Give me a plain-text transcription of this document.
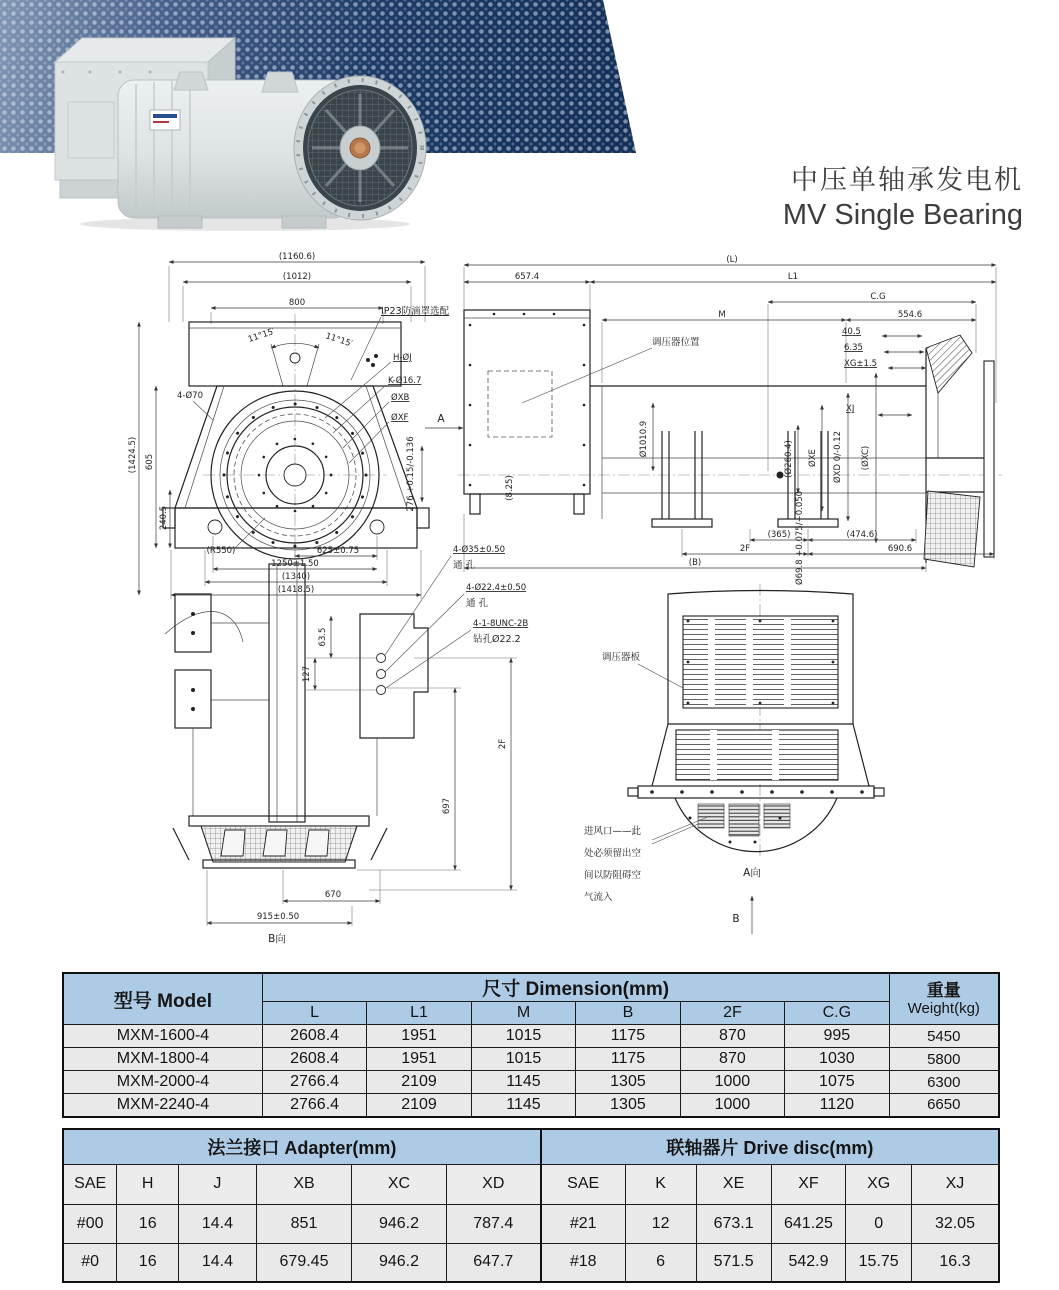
中压单轴承发电机
MV Single Bearing
(1160.6)
(1012)
800
11°15′	11°15′
625±0.75
(R550)
1250±1.50
(1340)
(1418.5)
(1424.5) 605
240.5
4-Ø70
IP23防滴罩选配
H-ØJ
K-Ø16.7
ØXB
ØXF
276 +0.15/-0.136
A
(L)
657.4	L1
C.G
M	554.6
调压器位置
40.5
6.35
XG±1.5
XJ
(Ø260.4) ØXE ØXD 0/-0.12 (ØXC)
Ø69.8 +0.075/+0.050
Ø1010.9
(8.25)
(365)	(474.6)
2F	690.6
(B)
4-Ø35±0.50
通 孔
4-Ø22.4±0.50
通 孔
4-1-8UNC-2B
钻孔Ø22.2
63.5
127
2F
697
670
915±0.50
B向
调压器板
进风口——此
处必须留出空
间以防阻碍空
气流入
A向
B
型号 Model	尺寸 Dimension(mm)						重量
Weight(kg)

	L	L1	M	B	2F	C.G	
MXM-1600-4	2608.4	1951	1015	1175	870	995	5450
MXM-1800-4	2608.4	1951	1015	1175	870	1030	5800
MXM-2000-4	2766.4	2109	1145	1305	1000	1075	6300
MXM-2240-4	2766.4	2109	1145	1305	1000	1120	6650
法兰接口 Adapter(mm)						联轴器片 Drive disc(mm)					
SAE	H	J	XB	XC	XD	SAE	K	XE	XF	XG	XJ
#00	16	14.4	851	946.2	787.4	#21	12	673.1	641.25	0	32.05
#0	16	14.4	679.45	946.2	647.7	#18	6	571.5	542.9	15.75	16.3
